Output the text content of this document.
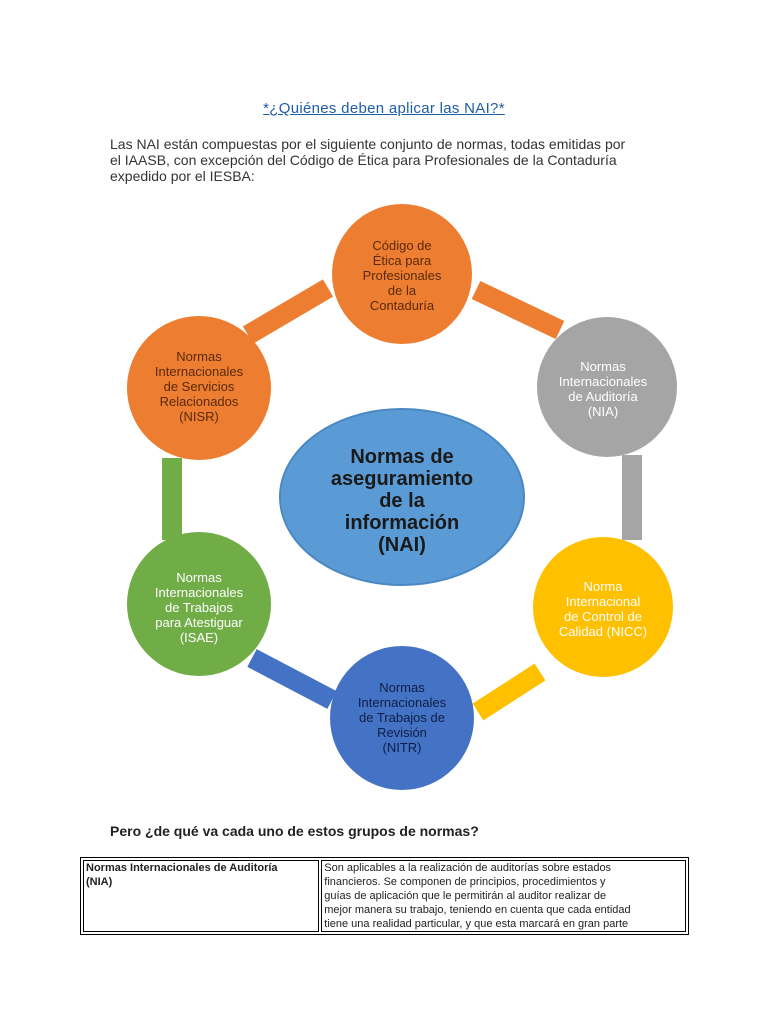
*¿Quiénes deben aplicar las NAI?*

Las NAI están compuestas por el siguiente conjunto de normas, todas emitidas por

el IAASB, con excepción del Código de Ética para Profesionales de la Contaduría

expedido por el IESBA:

Normas de
aseguramiento
de la
información
(NAI)
Código de
Ética para
Profesionales
de la
Contaduría
Normas
Internacionales
de Auditoría
(NIA)
Norma
Internacional
de Control de
Calidad (NICC)
Normas
Internacionales
de Trabajos de
Revisión
(NITR)
Normas
Internacionales
de Trabajos
para Atestiguar
(ISAE)
Normas
Internacionales
de Servicios
Relacionados
(NISR)
Pero ¿de qué va cada uno de estos grupos de normas?
Normas Internacionales de Auditoría
(NIA)

Son aplicables a la realización de auditorías sobre estados
financieros. Se componen de principios, procedimientos y
guías de aplicación que le permitirán al auditor realizar de
mejor manera su trabajo, teniendo en cuenta que cada entidad
tiene una realidad particular, y que esta marcará en gran parte
